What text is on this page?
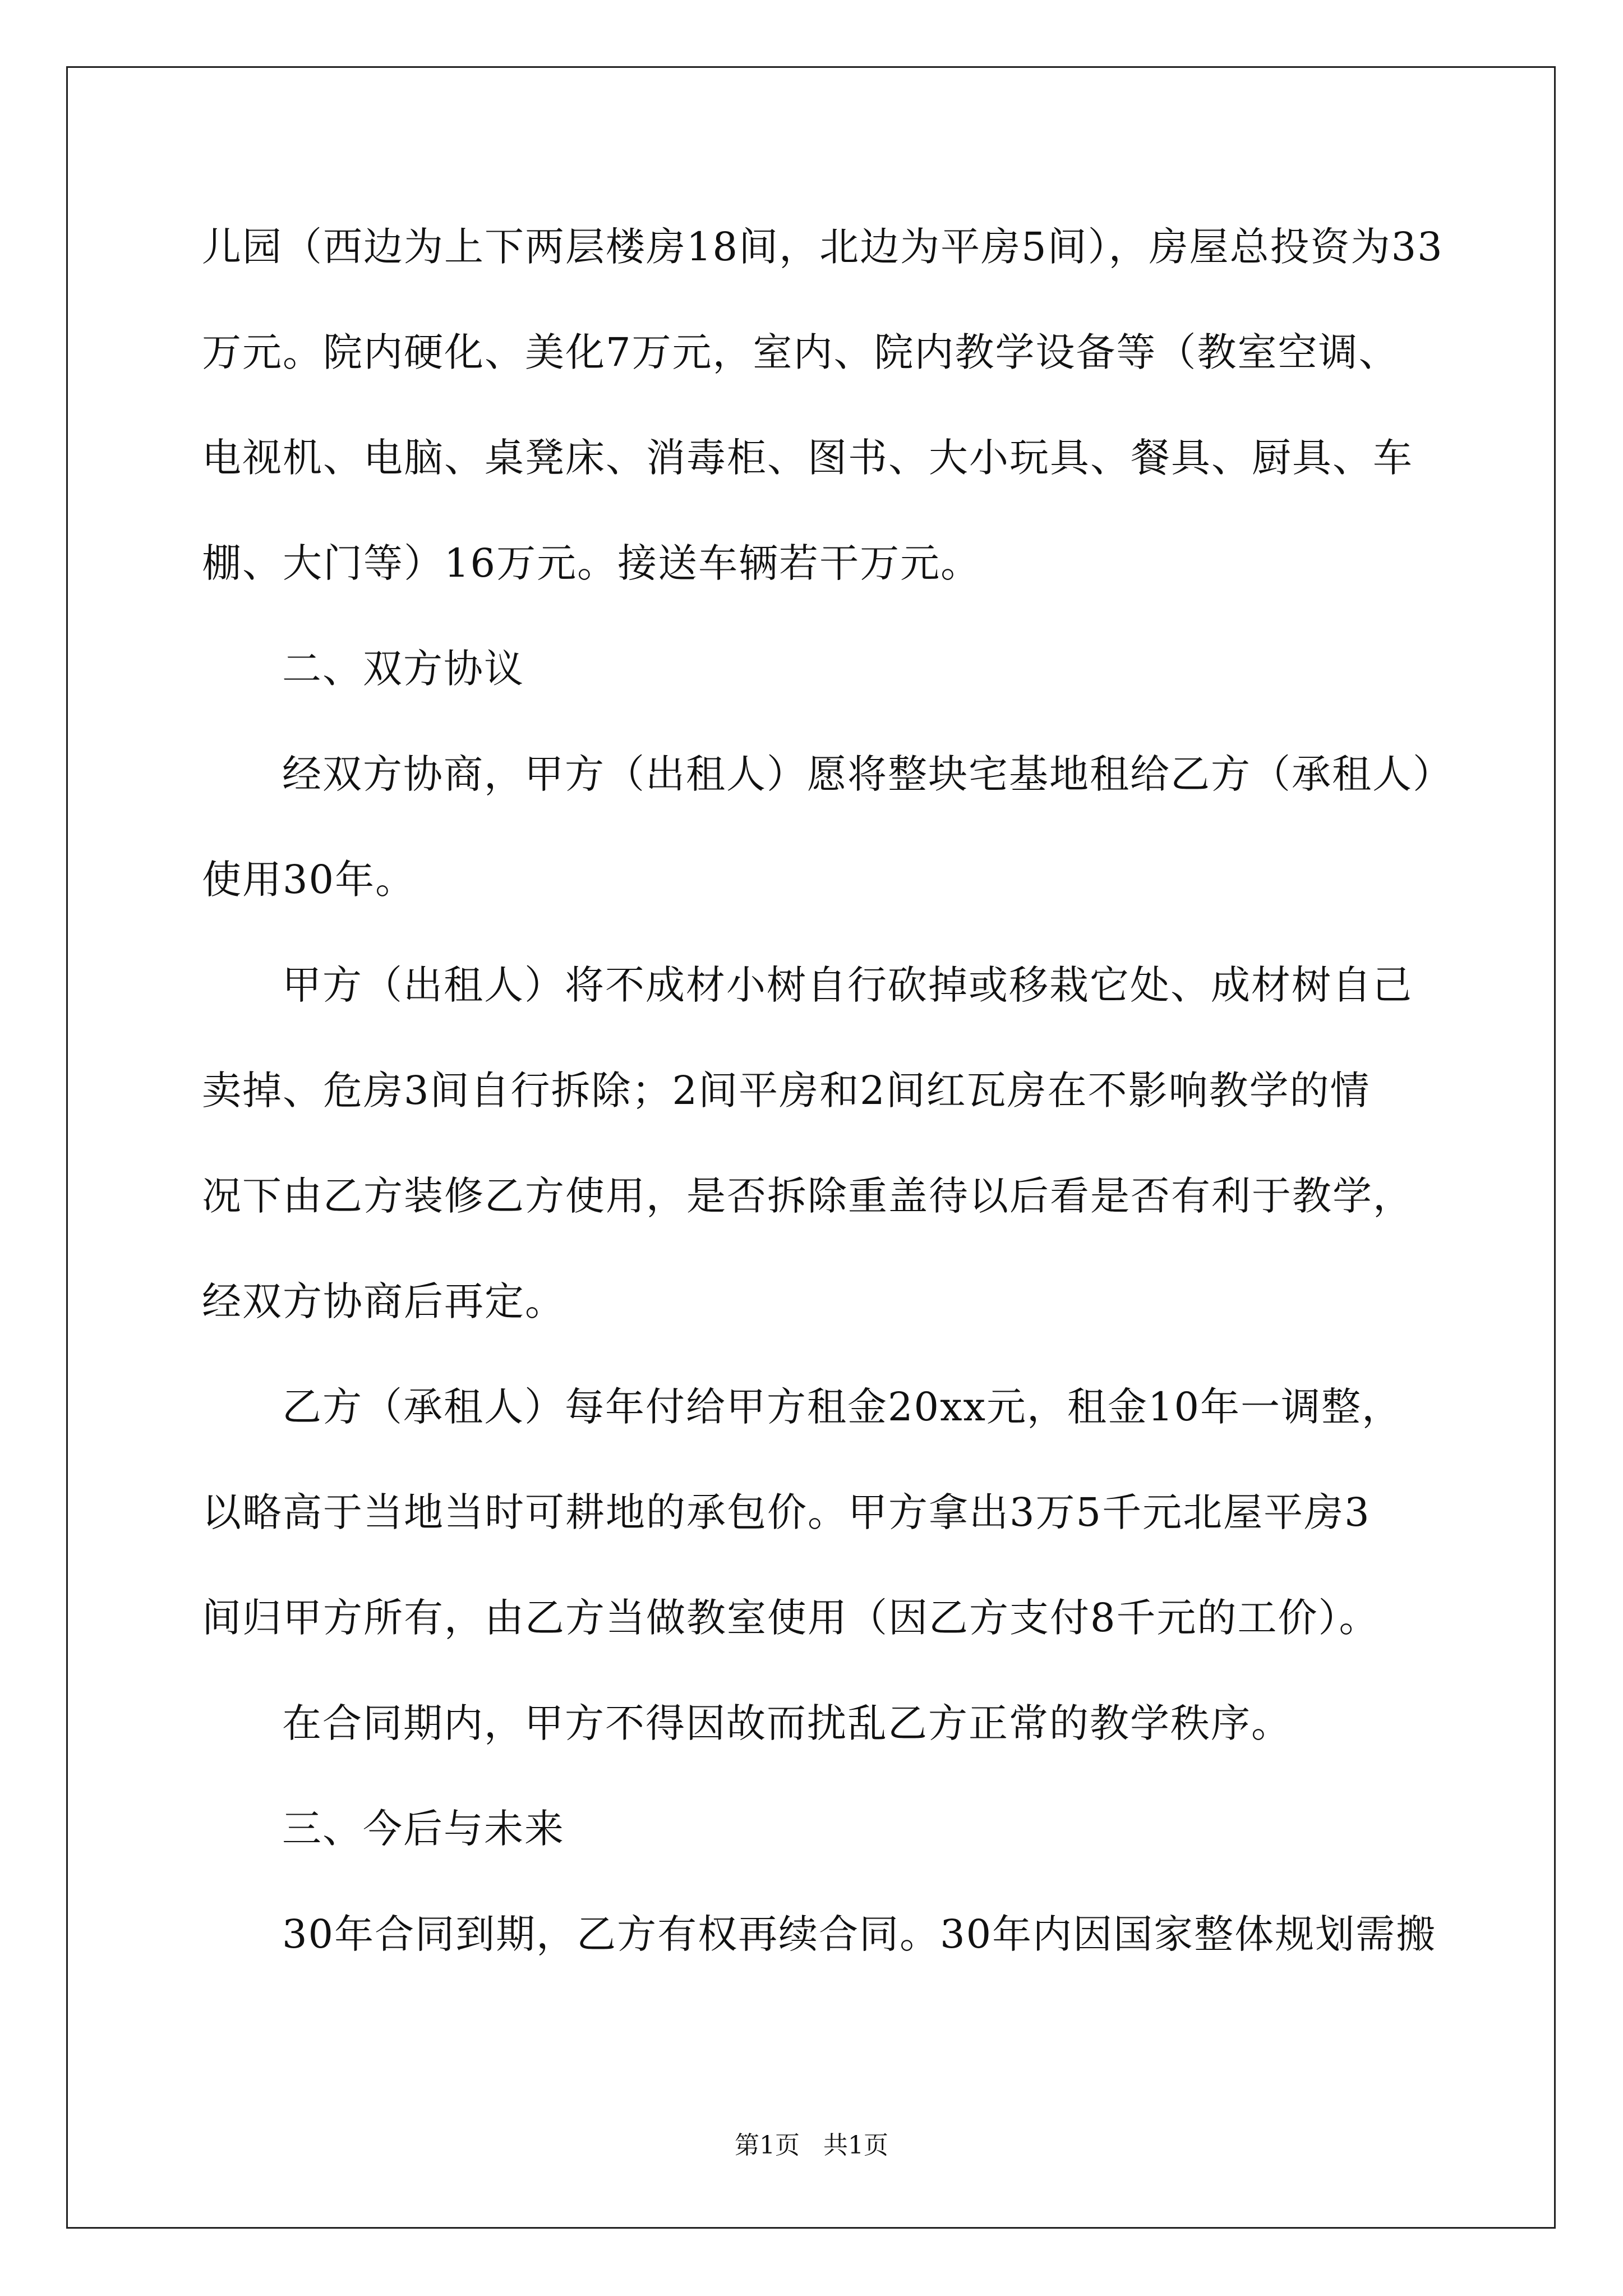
儿园（西边为上下两层楼房18间，北边为平房5间），房屋总投资为33
万元。院内硬化、美化7万元，室内、院内教学设备等（教室空调、
电视机、电脑、桌凳床、消毒柜、图书、大小玩具、餐具、厨具、车
棚、大门等）16万元。接送车辆若干万元。
二、双方协议
经双方协商，甲方（出租人）愿将整块宅基地租给乙方（承租人）
使用30年。
甲方（出租人）将不成材小树自行砍掉或移栽它处、成材树自己
卖掉、危房3间自行拆除；2间平房和2间红瓦房在不影响教学的情
况下由乙方装修乙方使用，是否拆除重盖待以后看是否有利于教学，
经双方协商后再定。
乙方（承租人）每年付给甲方租金20xx元，租金10年一调整，
以略高于当地当时可耕地的承包价。甲方拿出3万5千元北屋平房3
间归甲方所有，由乙方当做教室使用（因乙方支付8千元的工价）。
在合同期内，甲方不得因故而扰乱乙方正常的教学秩序。
三、今后与未来
30年合同到期，乙方有权再续合同。30年内因国家整体规划需搬
第1页   共1页
